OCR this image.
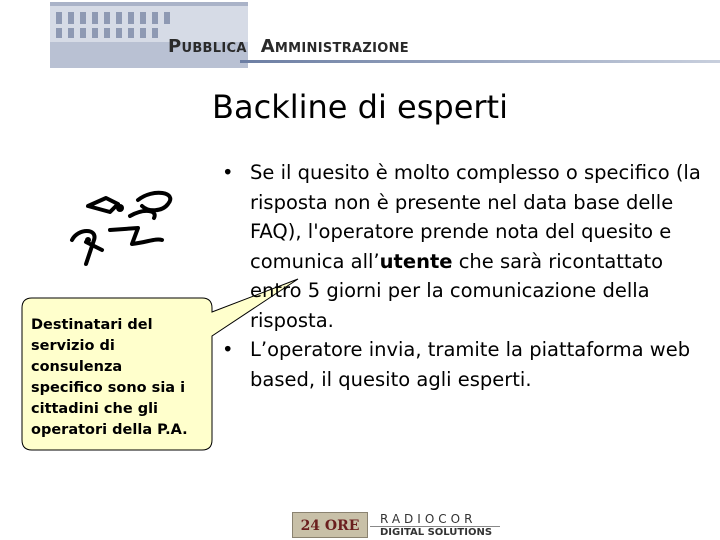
Pubblica Amministrazione
Backline di esperti
Destinatari del
servizio di
consulenza
specifico sono sia i
cittadini che gli
operatori della P.A.
• Se il quesito è molto complesso o specifico (la risposta non è presente nel data base delle FAQ), l'operatore prende nota del quesito e comunica all’utente che sarà ricontattato entro 5 giorni per la comunicazione della risposta.
• L’operatore invia, tramite la piattaforma web based, il quesito agli esperti.
24 ORE	RADIOCOR
DIGITAL SOLUTIONS
